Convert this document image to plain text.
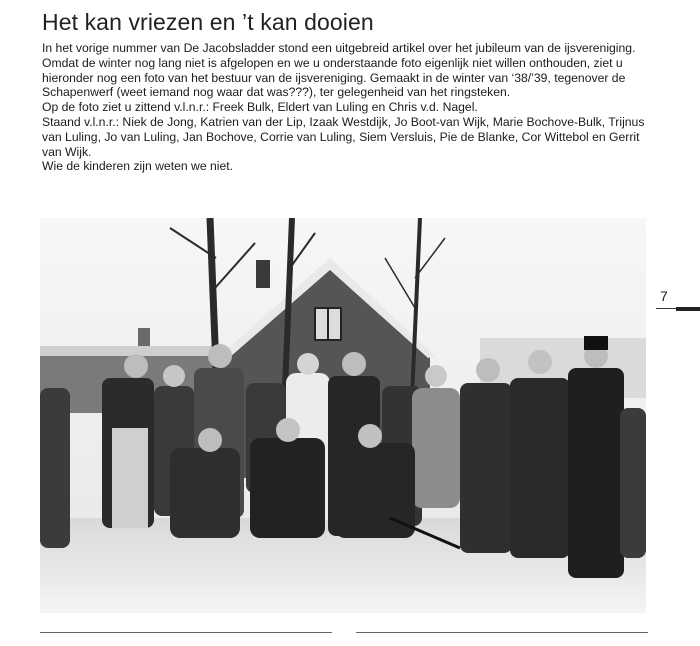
Het kan vriezen en ’t kan dooien

In het vorige nummer van De Jacobsladder stond een uitgebreid artikel over het jubileum van de ijsvereniging. Omdat de winter nog lang niet is afgelopen en we u onderstaande foto eigenlijk niet willen onthouden, ziet u hieronder nog een foto van het bestuur van de ijsvereniging. Gemaakt in de winter van ‘38/’39, tegenover de Schapenwerf (weet iemand nog waar dat was???), ter gelegenheid van het ringsteken.

Op de foto ziet u zittend v.l.n.r.: Freek Bulk, Eldert van Luling en Chris v.d. Nagel.

Staand v.l.n.r.: Niek de Jong, Katrien van der Lip, Izaak Westdijk, Jo Boot-van Wijk, Marie Bochove-Bulk, Trijnus van Luling, Jo van Luling, Jan Bochove, Corrie van Luling, Siem Versluis, Pie de Blanke, Cor Wittebol en Gerrit van Wijk.

Wie de kinderen zijn weten we niet.

7
